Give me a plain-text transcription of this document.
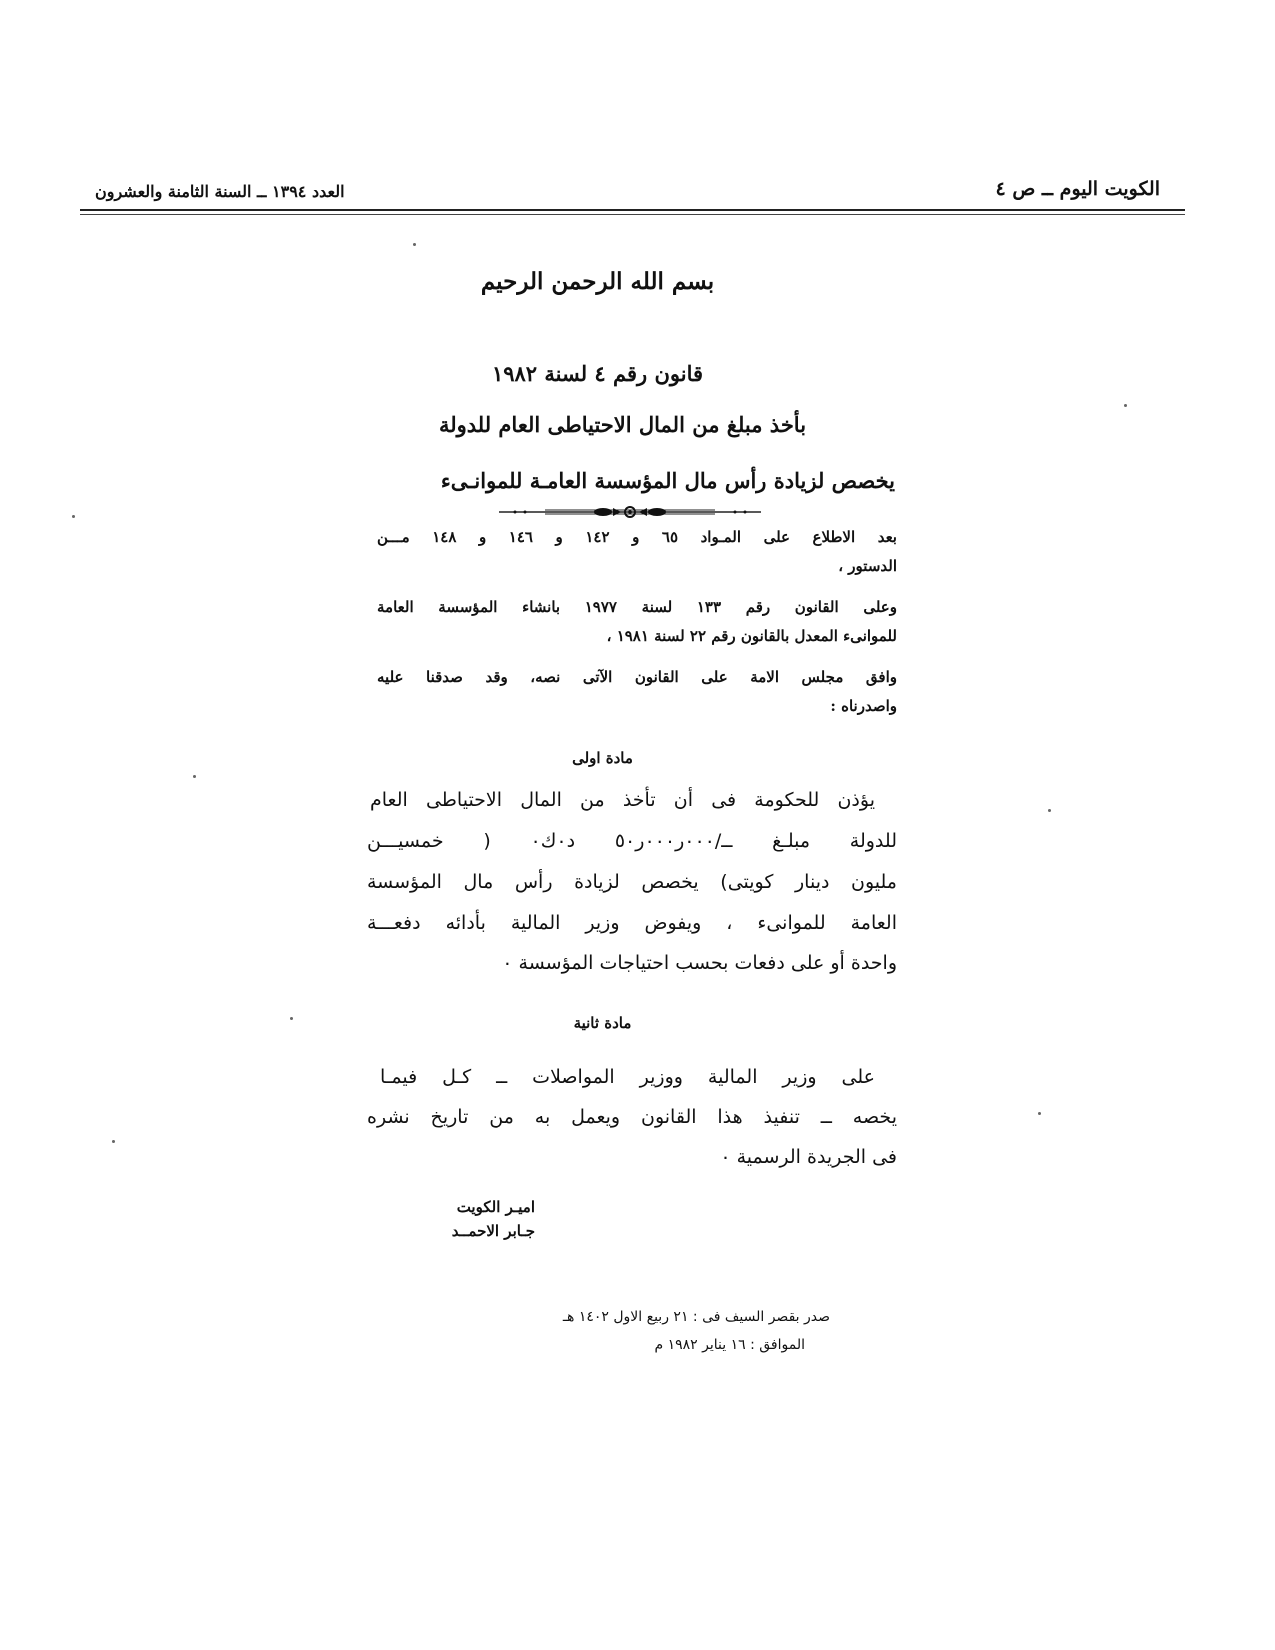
الكويت اليوم ــ ص ٤
العدد ١٣٩٤ ــ السنة الثامنة والعشرون
بسم الله الرحمن الرحيم
قانون رقم ٤ لسنة ١٩٨٢
بأخذ مبلغ من المال الاحتياطى العام للدولة
يخصص لزيادة رأس مال المؤسسة العامـة للموانـىء
بعد الاطلاع على المـواد ٦٥ و ١٤٢ و ١٤٦ و ١٤٨ مـــن
الدستور ،
وعلى القانون رقم ١٣٣ لسنة ١٩٧٧ بانشاء المؤسسة العامة
للموانىء المعدل بالقانون رقم ٢٢ لسنة ١٩٨١ ،
وافق مجلس الامة على القانون الآتى نصه، وقد صدقنا عليه
واصدرناه :
مادة اولى
يؤذن للحكومة فى أن تأخذ من المال الاحتياطى العام
للدولة مبلـغ ــ/٠٠٠ر٠٠٠ر٥٠ د٠ك٠ ( خمسيـــن
مليون دينار كويتى) يخصص لزيادة رأس مال المؤسسة
العامة للموانىء ، ويفوض وزير المالية بأدائه دفعـــة
واحدة أو على دفعات بحسب احتياجات المؤسسة ٠
مادة ثانية
على وزير المالية ووزير المواصلات ــ كـل فيمـا
يخصه ــ تنفيذ هذا القانون ويعمل به من تاريخ نشره
فى الجريدة الرسمية ٠
اميـر الكويت
جـابر الاحمــد
صدر بقصر السيف فى : ٢١ ربيع الاول ١٤٠٢ هـ
الموافق : ١٦ يناير ١٩٨٢ م
